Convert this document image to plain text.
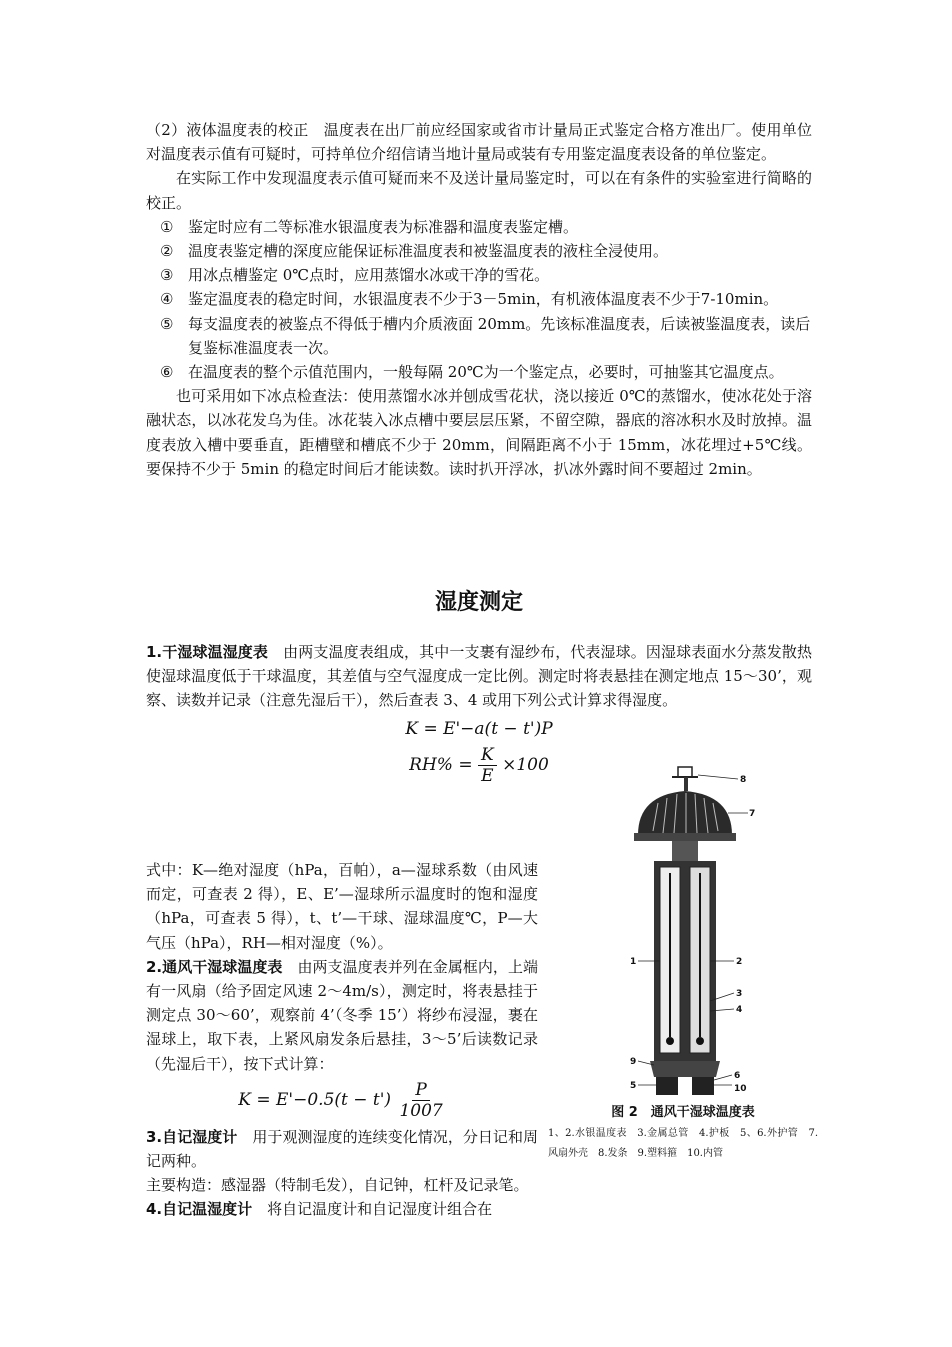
（2）液体温度表的校正　温度表在出厂前应经国家或省市计量局正式鉴定合格方准出厂。使用单位对温度表示值有可疑时，可持单位介绍信请当地计量局或装有专用鉴定温度表设备的单位鉴定。

在实际工作中发现温度表示值可疑而来不及送计量局鉴定时，可以在有条件的实验室进行简略的校正。

① 鉴定时应有二等标准水银温度表为标准器和温度表鉴定槽。
② 温度表鉴定槽的深度应能保证标准温度表和被鉴温度表的液柱全浸使用。
③ 用冰点槽鉴定 0℃点时，应用蒸馏水冰或干净的雪花。
④ 鉴定温度表的稳定时间，水银温度表不少于3－5min，有机液体温度表不少于7-10min。
⑤ 每支温度表的被鉴点不得低于槽内介质液面 20mm。先该标准温度表，后读被鉴温度表，读后复鉴标准温度表一次。
⑥ 在温度表的整个示值范围内，一般每隔 20℃为一个鉴定点，必要时，可抽鉴其它温度点。

也可采用如下冰点检查法：使用蒸馏水冰并刨成雪花状，浇以接近 0℃的蒸馏水，使冰花处于溶融状态，以冰花发乌为佳。冰花装入冰点槽中要层层压紧，不留空隙，器底的溶冰积水及时放掉。温度表放入槽中要垂直，距槽壁和槽底不少于 20mm，间隔距离不小于 15mm，冰花埋过+5℃线。要保持不少于 5min 的稳定时间后才能读数。读时扒开浮冰，扒冰外露时间不要超过 2min。

湿度测定

1.干湿球温湿度表　由两支温度表组成，其中一支裹有湿纱布，代表湿球。因湿球表面水分蒸发散热使湿球温度低于干球温度，其差值与空气湿度成一定比例。测定时将表悬挂在测定地点 15～30’，观察、读数并记录（注意先湿后干），然后查表 3、4 或用下列公式计算求得湿度。

K = E'−a(t − t')P
$RH\% = \frac{K}{E} \times 100$

式中：K—绝对湿度（hPa，百帕），a—湿球系数（由风速而定，可查表 2 得），E、E’—湿球所示温度时的饱和湿度（hPa，可查表 5 得），t、t’—干球、湿球温度℃，P—大气压（hPa），RH—相对湿度（%）。

2.通风干湿球温度表　由两支温度表并列在金属框内，上端有一风扇（给予固定风速 2～4m/s），测定时，将表悬挂于测定点 30～60’，观察前 4’（冬季 15’）将纱布浸湿，裹在湿球上，取下表，上紧风扇发条后悬挂，3～5’后读数记录（先湿后干），按下式计算：

$K = E'-0.5(t - t') \frac{P}{1007}$

3.自记湿度计　用于观测湿度的连续变化情况，分日记和周记两种。

主要构造：感湿器（特制毛发），自记钟，杠杆及记录笔。

4.自记温湿度计　将自记温度计和自记湿度计组合在

8
7
1	2
3
4
9
5
6
10
图 2　通风干湿球温度表
1、2.水银温度表　3.金属总管　4.护板　5、6.外护管　7.风扇外壳　8.发条　9.塑料箍　10.内管
